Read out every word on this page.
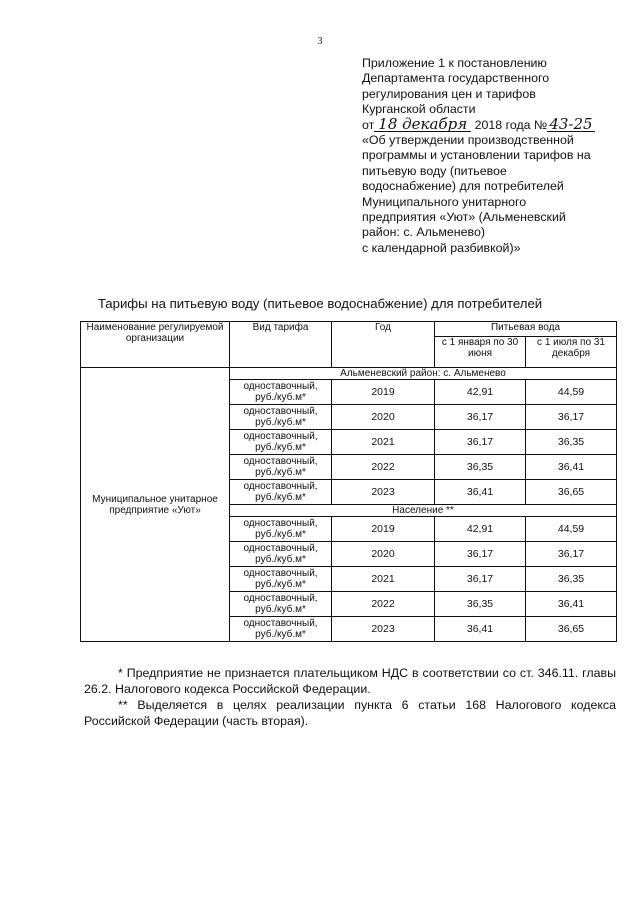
3
Приложение 1 к постановлению
Департамента государственного
регулирования цен и тарифов
Курганской области
от 18 декабря 2018 года № 43-25
«Об утверждении производственной
программы и установлении тарифов на
питьевую воду (питьевое
водоснабжение) для потребителей
Муниципального унитарного
предприятия «Уют» (Альменевский
район: с. Альменево)
с календарной разбивкой)»
Тарифы на питьевую воду (питьевое водоснабжение) для потребителей
Наименование регулируемой организации	Вид тарифа	Год	Питьевая вода	
			с 1 января по 30 июня	с 1 июля по 31 декабря
Муниципальное унитарное предприятие «Уют»	Альменевский район: с. Альменево			
	одноставочный, руб./куб.м*	2019	42,91	44,59
	одноставочный, руб./куб.м*	2020	36,17	36,17
	одноставочный, руб./куб.м*	2021	36,17	36,35
	одноставочный, руб./куб.м*	2022	36,35	36,41
	одноставочный, руб./куб.м*	2023	36,41	36,65
	Население **			
	одноставочный, руб./куб.м*	2019	42,91	44,59
	одноставочный, руб./куб.м*	2020	36,17	36,17
	одноставочный, руб./куб.м*	2021	36,17	36,35
	одноставочный, руб./куб.м*	2022	36,35	36,41
	одноставочный, руб./куб.м*	2023	36,41	36,65

* Предприятие не признается плательщиком НДС в соответствии со ст. 346.11. главы 26.2. Налогового кодекса Российской Федерации.

** Выделяется в целях реализации пункта 6 статьи 168 Налогового кодекса Российской Федерации (часть вторая).
